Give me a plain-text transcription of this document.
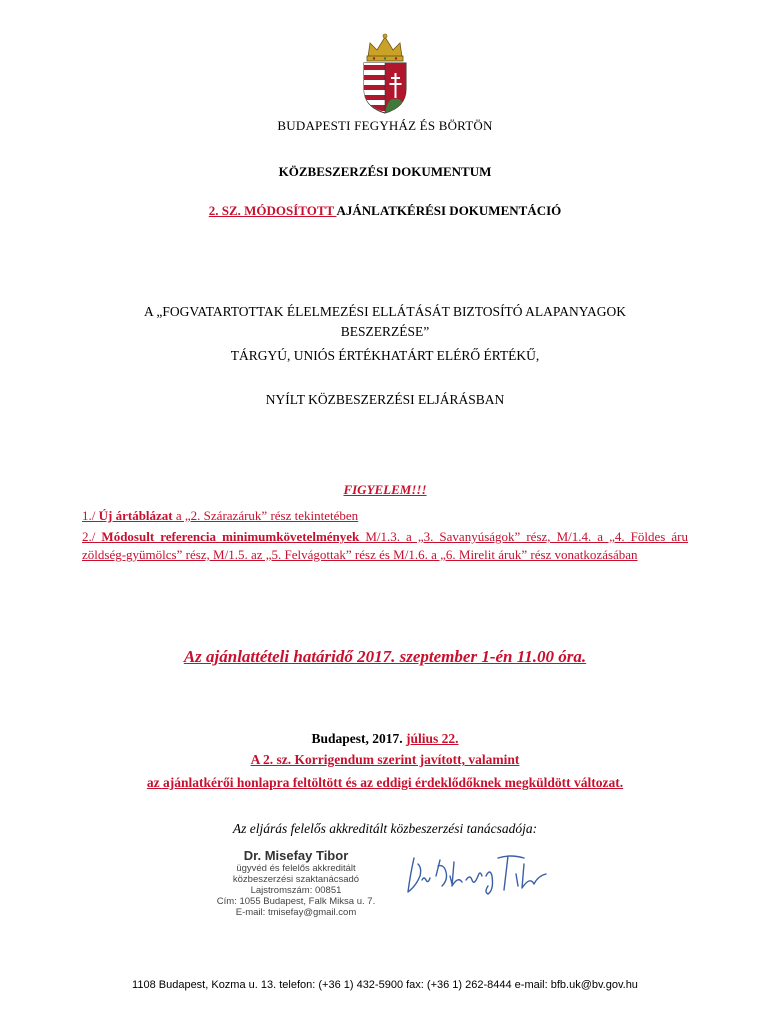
BUDAPESTI FEGYHÁZ ÉS BÖRTÖN
KÖZBESZERZÉSI DOKUMENTUM
2. SZ. MÓDOSÍTOTT AJÁNLATKÉRÉSI DOKUMENTÁCIÓ
A „FOGVATARTOTTAK ÉLELMEZÉSI ELLÁTÁSÁT BIZTOSÍTÓ ALAPANYAGOK
BESZERZÉSE”
TÁRGYÚ, UNIÓS ÉRTÉKHATÁRT ELÉRŐ ÉRTÉKŰ,
NYÍLT KÖZBESZERZÉSI ELJÁRÁSBAN
FIGYELEM!!!
1./ Új ártáblázat a „2. Szárazáruk” rész tekintetében
2./ Módosult referencia minimumkövetelmények M/1.3. a „3. Savanyúságok” rész, M/1.4. a „4. Földes áru zöldség-gyümölcs” rész, M/1.5. az „5. Felvágottak” rész és M/1.6. a „6. Mirelit áruk” rész vonatkozásában
Az ajánlattételi határidő 2017. szeptember 1-én 11.00 óra.
Budapest, 2017. július 22.
A 2. sz. Korrigendum szerint javított, valamint
az ajánlatkérői honlapra feltöltött és az eddigi érdeklődőknek megküldött változat.
Az eljárás felelős akkreditált közbeszerzési tanácsadója:
Dr. Misefay Tibor
ügyvéd és felelős akkreditált
közbeszerzési szaktanácsadó
Lajstromszám: 00851
Cím: 1055 Budapest, Falk Miksa u. 7.
E-mail: tmisefay@gmail.com
1108 Budapest, Kozma u. 13. telefon: (+36 1) 432-5900 fax: (+36 1) 262-8444 e-mail: bfb.uk@bv.gov.hu
